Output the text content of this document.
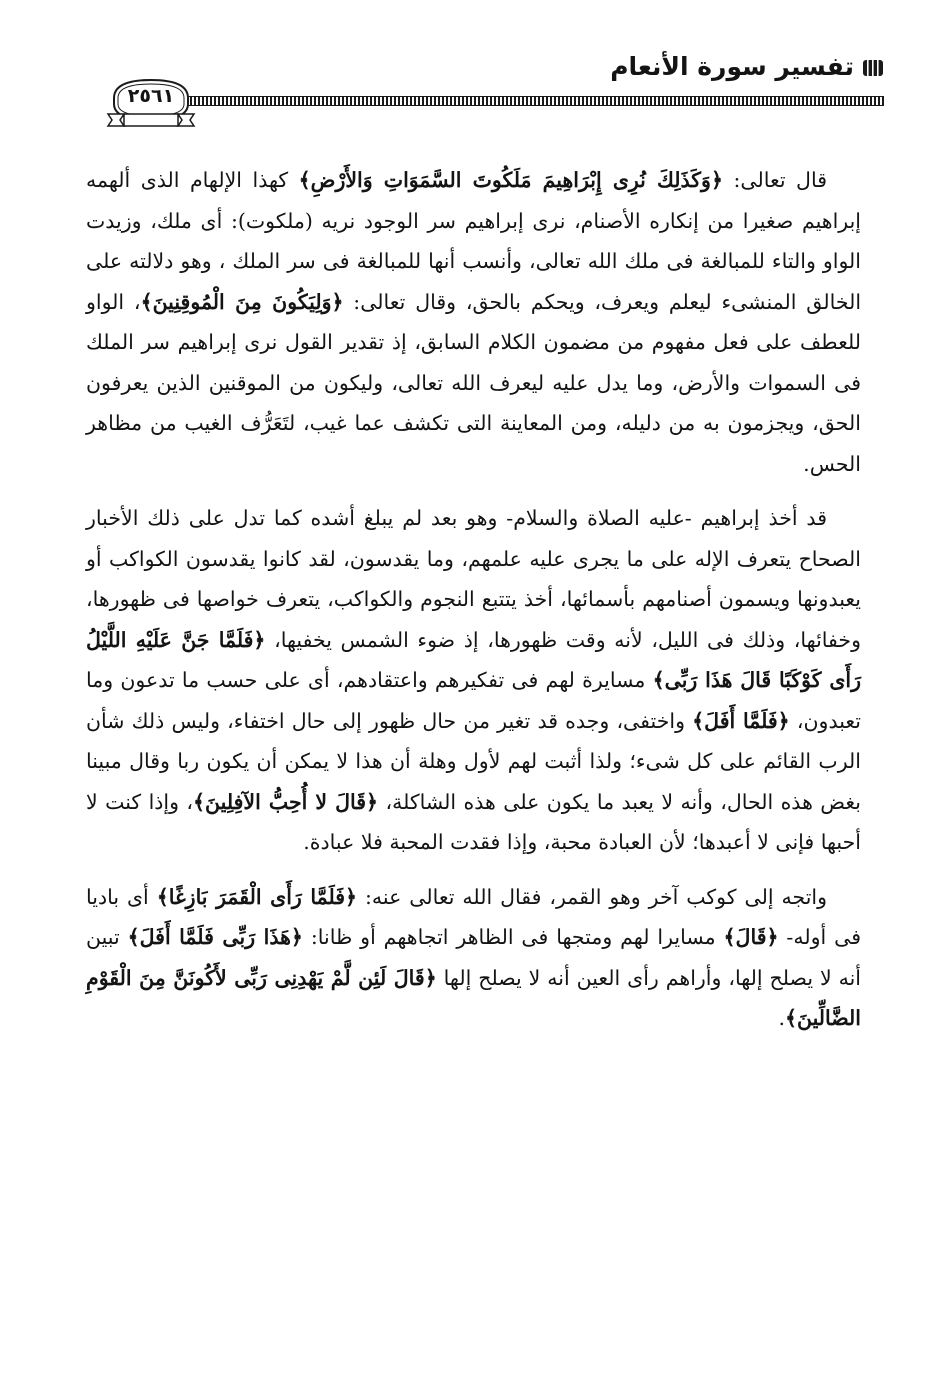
تفسير سورة الأنعام
٢٥٦١

قال تعالى: ﴿وَكَذَلِكَ نُرِى إِبْرَاهِيمَ مَلَكُوتَ السَّمَوَاتِ وَالأَرْضِ﴾ كهذا الإلهام الذى ألهمه إبراهيم صغيرا من إنكاره الأصنام، نرى إبراهيم سر الوجود نريه (ملكوت): أى ملك، وزيدت الواو والتاء للمبالغة فى ملك الله تعالى، وأنسب أنها للمبالغة فى سر الملك ، وهو دلالته على الخالق المنشىء ليعلم ويعرف، ويحكم بالحق، وقال تعالى: ﴿وَلِيَكُونَ مِنَ الْمُوقِنِينَ﴾، الواو للعطف على فعل مفهوم من مضمون الكلام السابق، إذ تقدير القول نرى إبراهيم سر الملك فى السموات والأرض، وما يدل عليه ليعرف الله تعالى، وليكون من الموقنين الذين يعرفون الحق، ويجزمون به من دليله، ومن المعاينة التى تكشف عما غيب، لتَعَرُّف الغيب من مظاهر الحس.

قد أخذ إبراهيم -عليه الصلاة والسلام- وهو بعد لم يبلغ أشده كما تدل على ذلك الأخبار الصحاح يتعرف الإله على ما يجرى عليه علمهم، وما يقدسون، لقد كانوا يقدسون الكواكب أو يعبدونها ويسمون أصنامهم بأسمائها، أخذ يتتبع النجوم والكواكب، يتعرف خواصها فى ظهورها، وخفائها، وذلك فى الليل، لأنه وقت ظهورها، إذ ضوء الشمس يخفيها، ﴿فَلَمَّا جَنَّ عَلَيْهِ اللَّيْلُ رَأَى كَوْكَبًا قَالَ هَذَا رَبِّى﴾ مسايرة لهم فى تفكيرهم واعتقادهم، أى على حسب ما تدعون وما تعبدون، ﴿فَلَمَّا أَفَلَ﴾ واختفى، وجده قد تغير من حال ظهور إلى حال اختفاء، وليس ذلك شأن الرب القائم على كل شىء؛ ولذا أثبت لهم لأول وهلة أن هذا لا يمكن أن يكون ربا وقال مبينا بغض هذه الحال، وأنه لا يعبد ما يكون على هذه الشاكلة، ﴿قَالَ لا أُحِبُّ الآفِلِينَ﴾، وإذا كنت لا أحبها فإنى لا أعبدها؛ لأن العبادة محبة، وإذا فقدت المحبة فلا عبادة.

واتجه إلى كوكب آخر وهو القمر، فقال الله تعالى عنه: ﴿فَلَمَّا رَأَى الْقَمَرَ بَازِغًا﴾ أى باديا فى أوله- ﴿قَالَ﴾ مسايرا لهم ومتجها فى الظاهر اتجاههم أو ظانا: ﴿هَذَا رَبِّى فَلَمَّا أَفَلَ﴾ تبين أنه لا يصلح إلها، وأراهم رأى العين أنه لا يصلح إلها ﴿قَالَ لَئِن لَّمْ يَهْدِنِى رَبِّى لأَكُونَنَّ مِنَ الْقَوْمِ الضَّالِّينَ﴾.
